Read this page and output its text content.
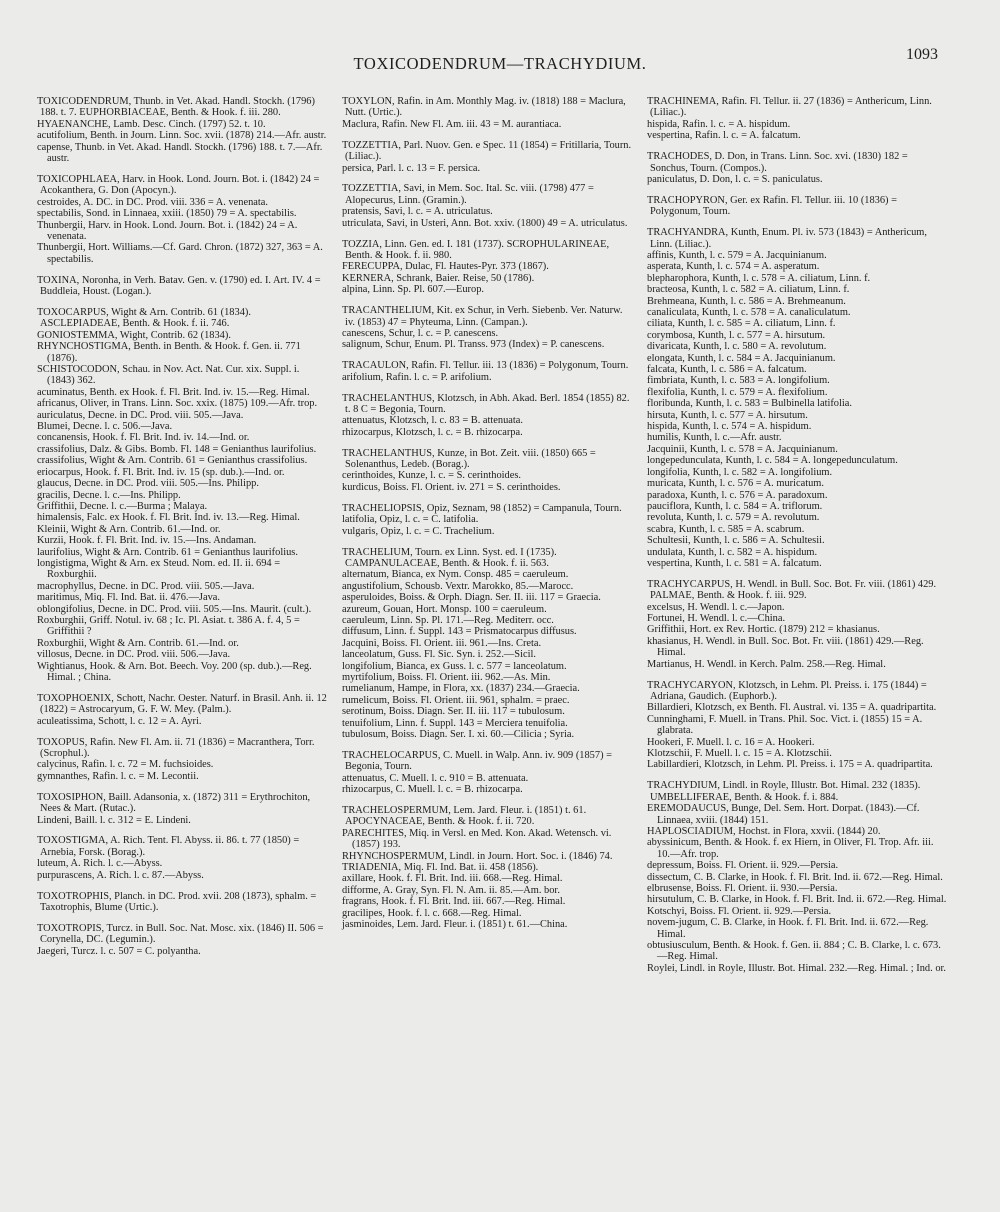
TOXICODENDRUM—TRACHYDIUM.	1093

TOXICODENDRUM, Thunb. in Vet. Akad. Handl. Stockh. (1796) 188. t. 7. EUPHORBIACEAE, Benth. & Hook. f. iii. 280.

HYAENANCHE, Lamb. Desc. Cinch. (1797) 52. t. 10.

acutifolium, Benth. in Journ. Linn. Soc. xvii. (1878) 214.—Afr. austr.

capense, Thunb. in Vet. Akad. Handl. Stockh. (1796) 188. t. 7.—Afr. austr.

TOXICOPHLAEA, Harv. in Hook. Lond. Journ. Bot. i. (1842) 24 = Acokanthera, G. Don (Apocyn.).

cestroides, A. DC. in DC. Prod. viii. 336 = A. venenata.

spectabilis, Sond. in Linnaea, xxiii. (1850) 79 = A. spectabilis.

Thunbergii, Harv. in Hook. Lond. Journ. Bot. i. (1842) 24 = A. venenata.

Thunbergii, Hort. Williams.—Cf. Gard. Chron. (1872) 327, 363 = A. spectabilis.

TOXINA, Noronha, in Verh. Batav. Gen. v. (1790) ed. I. Art. IV. 4 = Buddleia, Houst. (Logan.).

TOXOCARPUS, Wight & Arn. Contrib. 61 (1834). ASCLEPIADEAE, Benth. & Hook. f. ii. 746.

GONIOSTEMMA, Wight, Contrib. 62 (1834).

RHYNCHOSTIGMA, Benth. in Benth. & Hook. f. Gen. ii. 771 (1876).

SCHISTOCODON, Schau. in Nov. Act. Nat. Cur. xix. Suppl. i. (1843) 362.

acuminatus, Benth. ex Hook. f. Fl. Brit. Ind. iv. 15.—Reg. Himal.

africanus, Oliver, in Trans. Linn. Soc. xxix. (1875) 109.—Afr. trop.

auriculatus, Decne. in DC. Prod. viii. 505.—Java.

Blumei, Decne. l. c. 506.—Java.

concanensis, Hook. f. Fl. Brit. Ind. iv. 14.—Ind. or.

crassifolius, Dalz. & Gibs. Bomb. Fl. 148 = Genianthus laurifolius.

crassifolius, Wight & Arn. Contrib. 61 = Genianthus crassifolius.

eriocarpus, Hook. f. Fl. Brit. Ind. iv. 15 (sp. dub.).—Ind. or.

glaucus, Decne. in DC. Prod. viii. 505.—Ins. Philipp.

gracilis, Decne. l. c.—Ins. Philipp.

Griffithii, Decne. l. c.—Burma ; Malaya.

himalensis, Falc. ex Hook. f. Fl. Brit. Ind. iv. 13.—Reg. Himal.

Kleinii, Wight & Arn. Contrib. 61.—Ind. or.

Kurzii, Hook. f. Fl. Brit. Ind. iv. 15.—Ins. Andaman.

laurifolius, Wight & Arn. Contrib. 61 = Genianthus laurifolius.

longistigma, Wight & Arn. ex Steud. Nom. ed. II. ii. 694 = Roxburghii.

macrophyllus, Decne. in DC. Prod. viii. 505.—Java.

maritimus, Miq. Fl. Ind. Bat. ii. 476.—Java.

oblongifolius, Decne. in DC. Prod. viii. 505.—Ins. Maurit. (cult.).

Roxburghii, Griff. Notul. iv. 68 ; Ic. Pl. Asiat. t. 386 A. f. 4, 5 = Griffithii ?

Roxburghii, Wight & Arn. Contrib. 61.—Ind. or.

villosus, Decne. in DC. Prod. viii. 506.—Java.

Wightianus, Hook. & Arn. Bot. Beech. Voy. 200 (sp. dub.).—Reg. Himal. ; China.

TOXOPHOENIX, Schott, Nachr. Oester. Naturf. in Brasil. Anh. ii. 12 (1822) = Astrocaryum, G. F. W. Mey. (Palm.).

aculeatissima, Schott, l. c. 12 = A. Ayri.

TOXOPUS, Rafin. New Fl. Am. ii. 71 (1836) = Macranthera, Torr. (Scrophul.).

calycinus, Rafin. l. c. 72 = M. fuchsioides.

gymnanthes, Rafin. l. c. = M. Lecontii.

TOXOSIPHON, Baill. Adansonia, x. (1872) 311 = Erythrochiton, Nees & Mart. (Rutac.).

Lindeni, Baill. l. c. 312 = E. Lindeni.

TOXOSTIGMA, A. Rich. Tent. Fl. Abyss. ii. 86. t. 77 (1850) = Arnebia, Forsk. (Borag.).

luteum, A. Rich. l. c.—Abyss.

purpurascens, A. Rich. l. c. 87.—Abyss.

TOXOTROPHIS, Planch. in DC. Prod. xvii. 208 (1873), sphalm. = Taxotrophis, Blume (Urtic.).

TOXOTROPIS, Turcz. in Bull. Soc. Nat. Mosc. xix. (1846) II. 506 = Corynella, DC. (Legumin.).

Jaegeri, Turcz. l. c. 507 = C. polyantha.

TOXYLON, Rafin. in Am. Monthly Mag. iv. (1818) 188 = Maclura, Nutt. (Urtic.).

Maclura, Rafin. New Fl. Am. iii. 43 = M. aurantiaca.

TOZZETTIA, Parl. Nuov. Gen. e Spec. 11 (1854) = Fritillaria, Tourn. (Liliac.).

persica, Parl. l. c. 13 = F. persica.

TOZZETTIA, Savi, in Mem. Soc. Ital. Sc. viii. (1798) 477 = Alopecurus, Linn. (Gramin.).

pratensis, Savi, l. c. = A. utriculatus.

utriculata, Savi, in Usteri, Ann. Bot. xxiv. (1800) 49 = A. utriculatus.

TOZZIA, Linn. Gen. ed. I. 181 (1737). SCROPHULARINEAE, Benth. & Hook. f. ii. 980.

FERECUPPA, Dulac, Fl. Hautes-Pyr. 373 (1867).

KERNERA, Schrank, Baier. Reise, 50 (1786).

alpina, Linn. Sp. Pl. 607.—Europ.

TRACANTHELIUM, Kit. ex Schur, in Verh. Siebenb. Ver. Naturw. iv. (1853) 47 = Phyteuma, Linn. (Campan.).

canescens, Schur, l. c. = P. canescens.

salignum, Schur, Enum. Pl. Transs. 973 (Index) = P. canescens.

TRACAULON, Rafin. Fl. Tellur. iii. 13 (1836) = Polygonum, Tourn.

arifolium, Rafin. l. c. = P. arifolium.

TRACHELANTHUS, Klotzsch, in Abh. Akad. Berl. 1854 (1855) 82. t. 8 C = Begonia, Tourn.

attenuatus, Klotzsch, l. c. 83 = B. attenuata.

rhizocarpus, Klotzsch, l. c. = B. rhizocarpa.

TRACHELANTHUS, Kunze, in Bot. Zeit. viii. (1850) 665 = Solenanthus, Ledeb. (Borag.).

cerinthoides, Kunze, l. c. = S. cerinthoides.

kurdicus, Boiss. Fl. Orient. iv. 271 = S. cerinthoides.

TRACHELIOPSIS, Opiz, Seznam, 98 (1852) = Campanula, Tourn.

latifolia, Opiz, l. c. = C. latifolia.

vulgaris, Opiz, l. c. = C. Trachelium.

TRACHELIUM, Tourn. ex Linn. Syst. ed. I (1735). CAMPANULACEAE, Benth. & Hook. f. ii. 563.

alternatum, Bianca, ex Nym. Consp. 485 = caeruleum.

angustifolium, Schousb. Vextr. Marokko, 85.—Marocc.

asperuloides, Boiss. & Orph. Diagn. Ser. II. iii. 117 = Graecia.

azureum, Gouan, Hort. Monsp. 100 = caeruleum.

caeruleum, Linn. Sp. Pl. 171.—Reg. Mediterr. occ.

diffusum, Linn. f. Suppl. 143 = Prismatocarpus diffusus.

Jacquini, Boiss. Fl. Orient. iii. 961.—Ins. Creta.

lanceolatum, Guss. Fl. Sic. Syn. i. 252.—Sicil.

longifolium, Bianca, ex Guss. l. c. 577 = lanceolatum.

myrtifolium, Boiss. Fl. Orient. iii. 962.—As. Min.

rumelianum, Hampe, in Flora, xx. (1837) 234.—Graecia.

rumelicum, Boiss. Fl. Orient. iii. 961, sphalm. = praec.

serotinum, Boiss. Diagn. Ser. II. iii. 117 = tubulosum.

tenuifolium, Linn. f. Suppl. 143 = Merciera tenuifolia.

tubulosum, Boiss. Diagn. Ser. I. xi. 60.—Cilicia ; Syria.

TRACHELOCARPUS, C. Muell. in Walp. Ann. iv. 909 (1857) = Begonia, Tourn.

attenuatus, C. Muell. l. c. 910 = B. attenuata.

rhizocarpus, C. Muell. l. c. = B. rhizocarpa.

TRACHELOSPERMUM, Lem. Jard. Fleur. i. (1851) t. 61. APOCYNACEAE, Benth. & Hook. f. ii. 720.

PARECHITES, Miq. in Versl. en Med. Kon. Akad. Wetensch. vi. (1857) 193.

RHYNCHOSPERMUM, Lindl. in Journ. Hort. Soc. i. (1846) 74.

TRIADENIA, Miq. Fl. Ind. Bat. ii. 458 (1856).

axillare, Hook. f. Fl. Brit. Ind. iii. 668.—Reg. Himal.

difforme, A. Gray, Syn. Fl. N. Am. ii. 85.—Am. bor.

fragrans, Hook. f. Fl. Brit. Ind. iii. 667.—Reg. Himal.

gracilipes, Hook. f. l. c. 668.—Reg. Himal.

jasminoides, Lem. Jard. Fleur. i. (1851) t. 61.—China.

TRACHINEMA, Rafin. Fl. Tellur. ii. 27 (1836) = Anthericum, Linn. (Liliac.).

hispida, Rafin. l. c. = A. hispidum.

vespertina, Rafin. l. c. = A. falcatum.

TRACHODES, D. Don, in Trans. Linn. Soc. xvi. (1830) 182 = Sonchus, Tourn. (Compos.).

paniculatus, D. Don, l. c. = S. paniculatus.

TRACHOPYRON, Ger. ex Rafin. Fl. Tellur. iii. 10 (1836) = Polygonum, Tourn.

TRACHYANDRA, Kunth, Enum. Pl. iv. 573 (1843) = Anthericum, Linn. (Liliac.).

affinis, Kunth, l. c. 579 = A. Jacquinianum.

asperata, Kunth, l. c. 574 = A. asperatum.

blepharophora, Kunth, l. c. 578 = A. ciliatum, Linn. f.

bracteosa, Kunth, l. c. 582 = A. ciliatum, Linn. f.

Brehmeana, Kunth, l. c. 586 = A. Brehmeanum.

canaliculata, Kunth, l. c. 578 = A. canaliculatum.

ciliata, Kunth, l. c. 585 = A. ciliatum, Linn. f.

corymbosa, Kunth, l. c. 577 = A. hirsutum.

divaricata, Kunth, l. c. 580 = A. revolutum.

elongata, Kunth, l. c. 584 = A. Jacquinianum.

falcata, Kunth, l. c. 586 = A. falcatum.

fimbriata, Kunth, l. c. 583 = A. longifolium.

flexifolia, Kunth, l. c. 579 = A. flexifolium.

floribunda, Kunth, l. c. 583 = Bulbinella latifolia.

hirsuta, Kunth, l. c. 577 = A. hirsutum.

hispida, Kunth, l. c. 574 = A. hispidum.

humilis, Kunth, l. c.—Afr. austr.

Jacquinii, Kunth, l. c. 578 = A. Jacquinianum.

longepedunculata, Kunth, l. c. 584 = A. longepedunculatum.

longifolia, Kunth, l. c. 582 = A. longifolium.

muricata, Kunth, l. c. 576 = A. muricatum.

paradoxa, Kunth, l. c. 576 = A. paradoxum.

pauciflora, Kunth, l. c. 584 = A. triflorum.

revoluta, Kunth, l. c. 579 = A. revolutum.

scabra, Kunth, l. c. 585 = A. scabrum.

Schultesii, Kunth, l. c. 586 = A. Schultesii.

undulata, Kunth, l. c. 582 = A. hispidum.

vespertina, Kunth, l. c. 581 = A. falcatum.

TRACHYCARPUS, H. Wendl. in Bull. Soc. Bot. Fr. viii. (1861) 429. PALMAE, Benth. & Hook. f. iii. 929.

excelsus, H. Wendl. l. c.—Japon.

Fortunei, H. Wendl. l. c.—China.

Griffithii, Hort. ex Rev. Hortic. (1879) 212 = khasianus.

khasianus, H. Wendl. in Bull. Soc. Bot. Fr. viii. (1861) 429.—Reg. Himal.

Martianus, H. Wendl. in Kerch. Palm. 258.—Reg. Himal.

TRACHYCARYON, Klotzsch, in Lehm. Pl. Preiss. i. 175 (1844) = Adriana, Gaudich. (Euphorb.).

Billardieri, Klotzsch, ex Benth. Fl. Austral. vi. 135 = A. quadripartita.

Cunninghami, F. Muell. in Trans. Phil. Soc. Vict. i. (1855) 15 = A. glabrata.

Hookeri, F. Muell. l. c. 16 = A. Hookeri.

Klotzschii, F. Muell. l. c. 15 = A. Klotzschii.

Labillardieri, Klotzsch, in Lehm. Pl. Preiss. i. 175 = A. quadripartita.

TRACHYDIUM, Lindl. in Royle, Illustr. Bot. Himal. 232 (1835). UMBELLIFERAE, Benth. & Hook. f. i. 884.

EREMODAUCUS, Bunge, Del. Sem. Hort. Dorpat. (1843).—Cf. Linnaea, xviii. (1844) 151.

HAPLOSCIADIUM, Hochst. in Flora, xxvii. (1844) 20.

abyssinicum, Benth. & Hook. f. ex Hiern, in Oliver, Fl. Trop. Afr. iii. 10.—Afr. trop.

depressum, Boiss. Fl. Orient. ii. 929.—Persia.

dissectum, C. B. Clarke, in Hook. f. Fl. Brit. Ind. ii. 672.—Reg. Himal.

elbrusense, Boiss. Fl. Orient. ii. 930.—Persia.

hirsutulum, C. B. Clarke, in Hook. f. Fl. Brit. Ind. ii. 672.—Reg. Himal.

Kotschyi, Boiss. Fl. Orient. ii. 929.—Persia.

novem-jugum, C. B. Clarke, in Hook. f. Fl. Brit. Ind. ii. 672.—Reg. Himal.

obtusiusculum, Benth. & Hook. f. Gen. ii. 884 ; C. B. Clarke, l. c. 673.—Reg. Himal.

Roylei, Lindl. in Royle, Illustr. Bot. Himal. 232.—Reg. Himal. ; Ind. or.
